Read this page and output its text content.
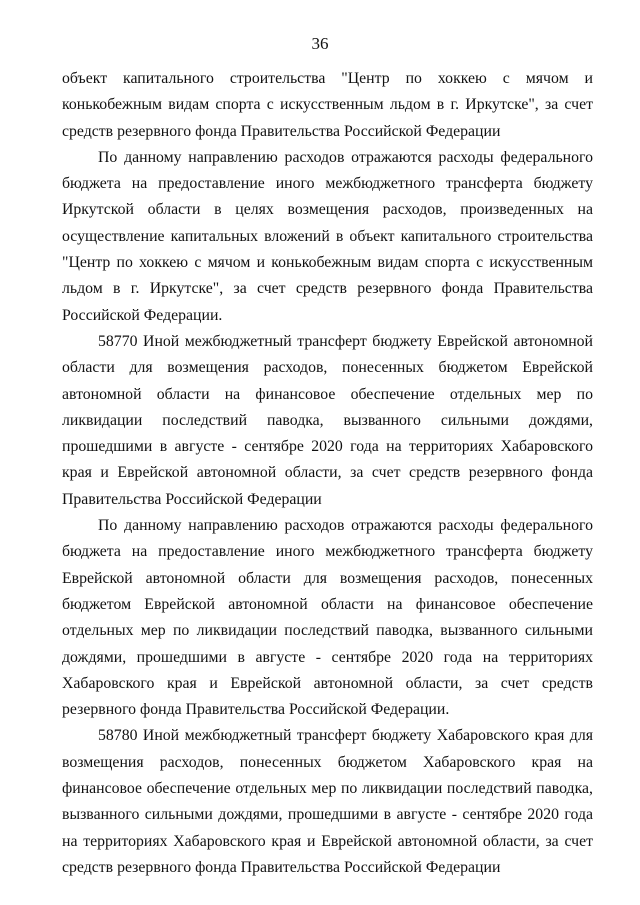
36

объект капитального строительства "Центр по хоккею с мячом и конькобежным видам спорта с искусственным льдом в г. Иркутске", за счет средств резервного фонда Правительства Российской Федерации

По данному направлению расходов отражаются расходы федерального бюджета на предоставление иного межбюджетного трансферта бюджету Иркутской области в целях возмещения расходов, произведенных на осуществление капитальных вложений в объект капитального строительства "Центр по хоккею с мячом и конькобежным видам спорта с искусственным льдом в г. Иркутске", за счет средств резервного фонда Правительства Российской Федерации.

58770 Иной межбюджетный трансферт бюджету Еврейской автономной области для возмещения расходов, понесенных бюджетом Еврейской автономной области на финансовое обеспечение отдельных мер по ликвидации последствий паводка, вызванного сильными дождями, прошедшими в августе - сентябре 2020 года на территориях Хабаровского края и Еврейской автономной области, за счет средств резервного фонда Правительства Российской Федерации

По данному направлению расходов отражаются расходы федерального бюджета на предоставление иного межбюджетного трансферта бюджету Еврейской автономной области для возмещения расходов, понесенных бюджетом Еврейской автономной области на финансовое обеспечение отдельных мер по ликвидации последствий паводка, вызванного сильными дождями, прошедшими в августе - сентябре 2020 года на территориях Хабаровского края и Еврейской автономной области, за счет средств резервного фонда Правительства Российской Федерации.

58780 Иной межбюджетный трансферт бюджету Хабаровского края для возмещения расходов, понесенных бюджетом Хабаровского края на финансовое обеспечение отдельных мер по ликвидации последствий паводка, вызванного сильными дождями, прошедшими в августе - сентябре 2020 года на территориях Хабаровского края и Еврейской автономной области, за счет средств резервного фонда Правительства Российской Федерации
